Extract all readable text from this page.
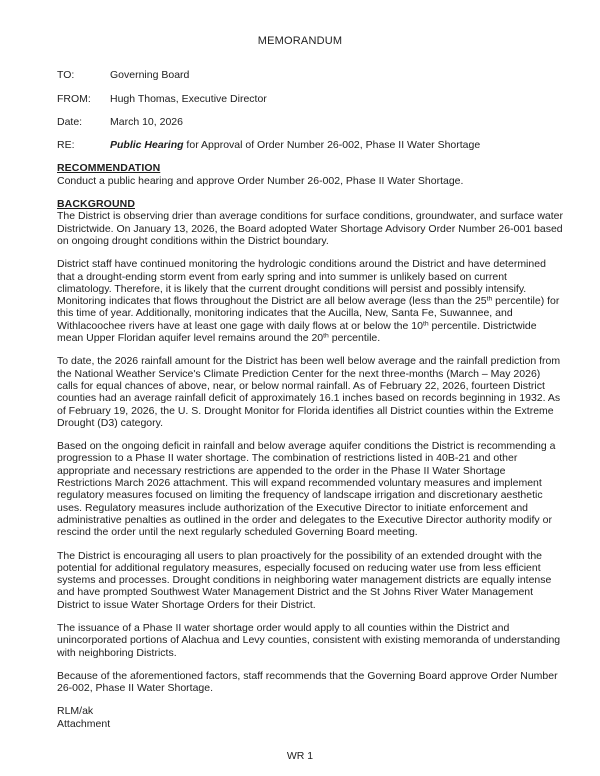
MEMORANDUM
TO:	Governing Board
FROM:	Hugh Thomas, Executive Director
Date:	March 10, 2026
RE:	Public Hearing for Approval of Order Number 26-002, Phase II Water Shortage
RECOMMENDATION

Conduct a public hearing and approve Order Number 26-002, Phase II Water Shortage.

BACKGROUND

The District is observing drier than average conditions for surface conditions, groundwater, and surface water Districtwide. On January 13, 2026, the Board adopted Water Shortage Advisory Order Number 26-001 based on ongoing drought conditions within the District boundary.

District staff have continued monitoring the hydrologic conditions around the District and have determined that a drought-ending storm event from early spring and into summer is unlikely based on current climatology. Therefore, it is likely that the current drought conditions will persist and possibly intensify. Monitoring indicates that flows throughout the District are all below average (less than the 25th percentile) for this time of year. Additionally, monitoring indicates that the Aucilla, New, Santa Fe, Suwannee, and Withlacoochee rivers have at least one gage with daily flows at or below the 10th percentile. Districtwide mean Upper Floridan aquifer level remains around the 20th percentile.

To date, the 2026 rainfall amount for the District has been well below average and the rainfall prediction from the National Weather Service's Climate Prediction Center for the next three-months (March – May 2026) calls for equal chances of above, near, or below normal rainfall. As of February 22, 2026, fourteen District counties had an average rainfall deficit of approximately 16.1 inches based on records beginning in 1932. As of February 19, 2026, the U. S. Drought Monitor for Florida identifies all District counties within the Extreme Drought (D3) category.

Based on the ongoing deficit in rainfall and below average aquifer conditions the District is recommending a progression to a Phase II water shortage. The combination of restrictions listed in 40B-21 and other appropriate and necessary restrictions are appended to the order in the Phase II Water Shortage Restrictions March 2026 attachment. This will expand recommended voluntary measures and implement regulatory measures focused on limiting the frequency of landscape irrigation and discretionary aesthetic uses. Regulatory measures include authorization of the Executive Director to initiate enforcement and administrative penalties as outlined in the order and delegates to the Executive Director authority modify or rescind the order until the next regularly scheduled Governing Board meeting.

The District is encouraging all users to plan proactively for the possibility of an extended drought with the potential for additional regulatory measures, especially focused on reducing water use from less efficient systems and processes. Drought conditions in neighboring water management districts are equally intense and have prompted Southwest Water Management District and the St Johns River Water Management District to issue Water Shortage Orders for their District.

The issuance of a Phase II water shortage order would apply to all counties within the District and unincorporated portions of Alachua and Levy counties, consistent with existing memoranda of understanding with neighboring Districts.

Because of the aforementioned factors, staff recommends that the Governing Board approve Order Number 26-002, Phase II Water Shortage.

RLM/ak

Attachment

WR 1
